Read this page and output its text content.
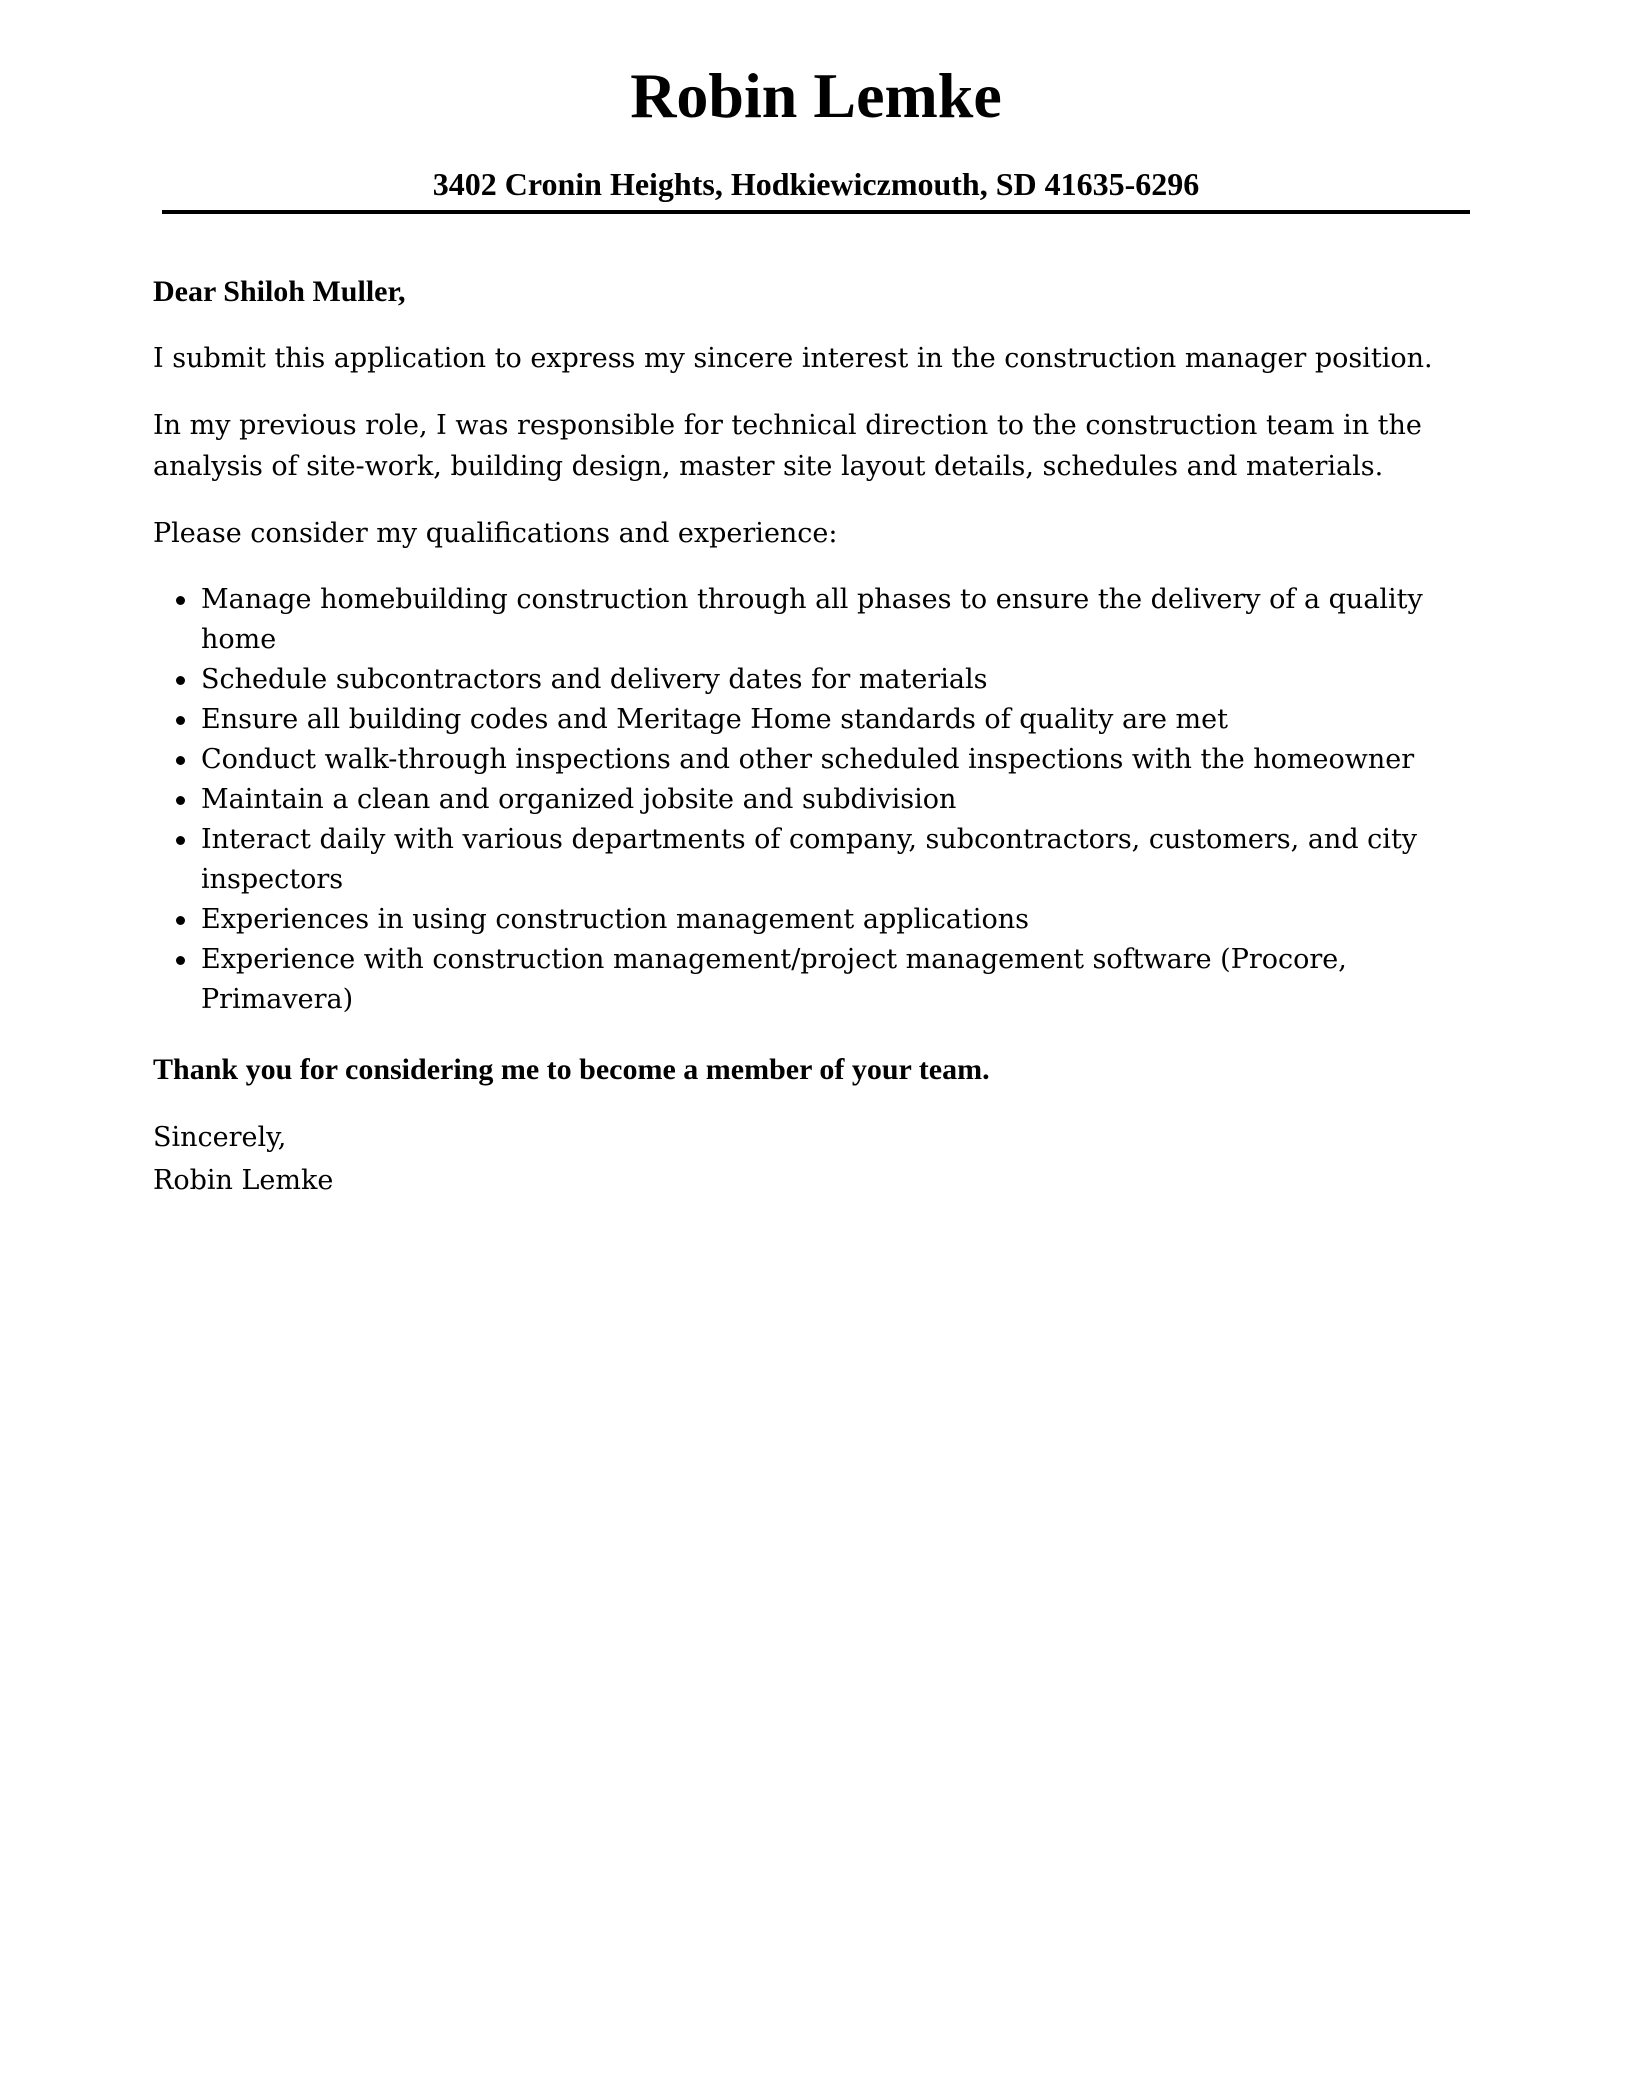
Robin Lemke
3402 Cronin Heights, Hodkiewiczmouth, SD 41635-6296

Dear Shiloh Muller,

I submit this application to express my sincere interest in the construction manager position.

In my previous role, I was responsible for technical direction to the construction team in the analysis of site-work, building design, master site layout details, schedules and materials.

Please consider my qualifications and experience:

Manage homebuilding construction through all phases to ensure the delivery of a quality home
Schedule subcontractors and delivery dates for materials
Ensure all building codes and Meritage Home standards of quality are met
Conduct walk-through inspections and other scheduled inspections with the homeowner
Maintain a clean and organized jobsite and subdivision
Interact daily with various departments of company, subcontractors, customers, and city inspectors
Experiences in using construction management applications
Experience with construction management/project management software (Procore, Primavera)

Thank you for considering me to become a member of your team.

Sincerely,

Robin Lemke
